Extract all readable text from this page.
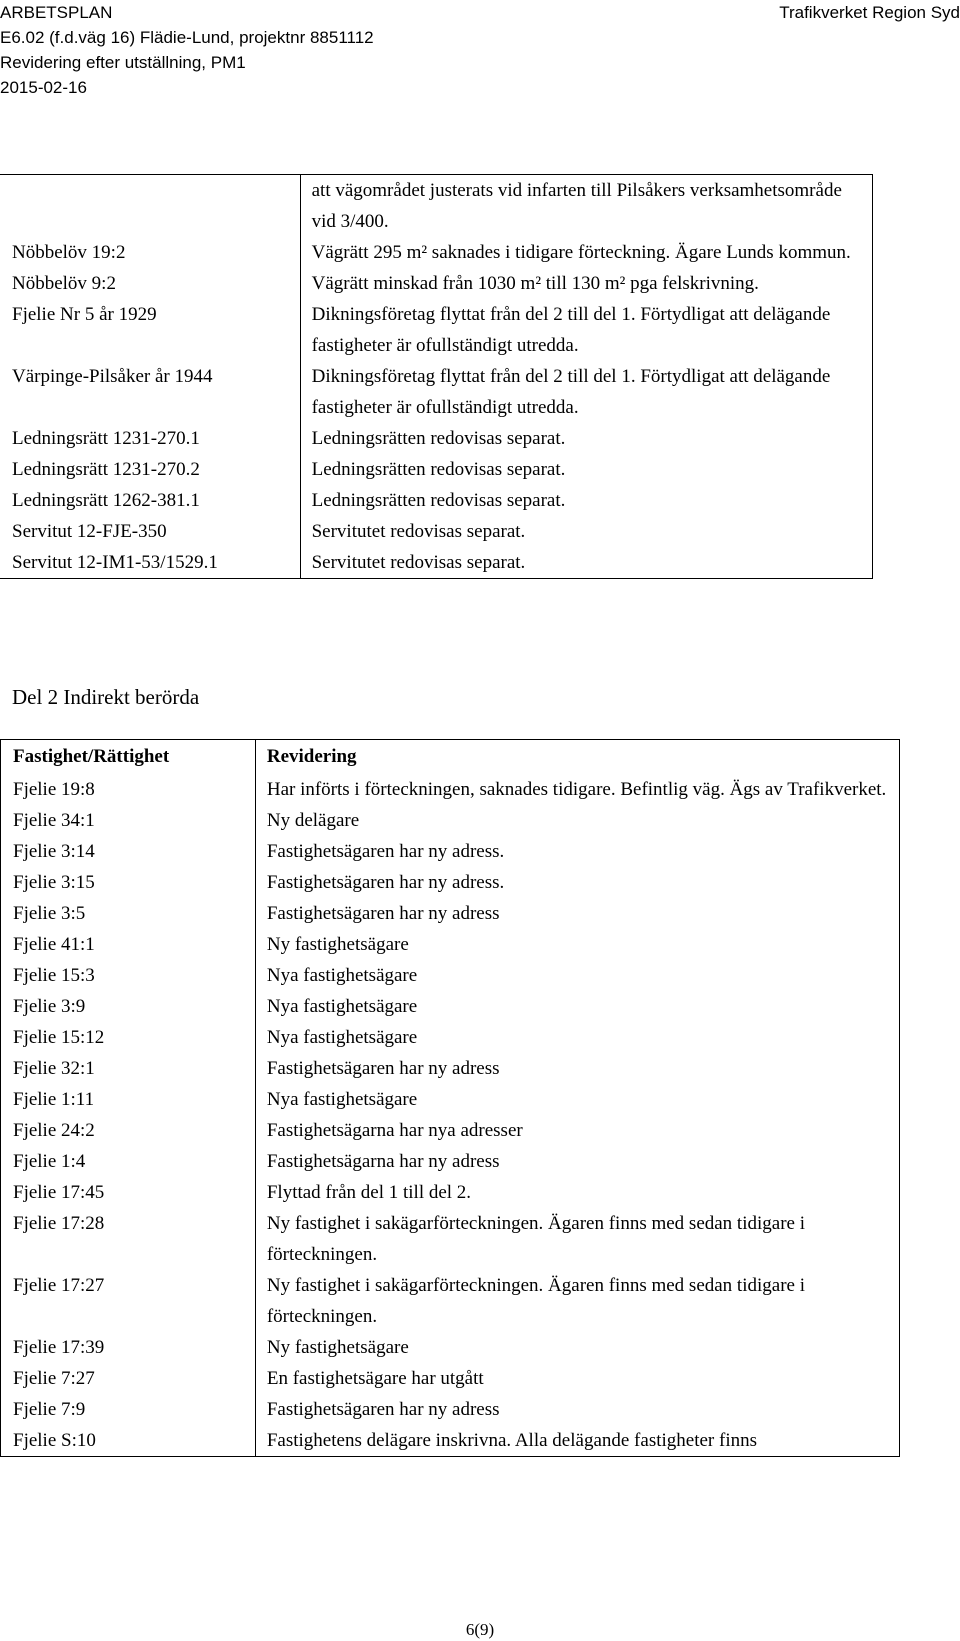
ARBETSPLAN
E6.02 (f.d.väg 16) Flädie-Lund, projektnr 8851112
Revidering efter utställning, PM1
2015-02-16
Trafikverket Region Syd
	att vägområdet justerats vid infarten till Pilsåkers verksamhetsområde vid 3/400.
Nöbbelöv 19:2	Vägrätt 295 m² saknades i tidigare förteckning. Ägare Lunds kommun.
Nöbbelöv 9:2	Vägrätt minskad från 1030 m² till 130 m² pga felskrivning.
Fjelie Nr 5 år 1929	Dikningsföretag flyttat från del 2 till del 1. Förtydligat att delägande fastigheter är ofullständigt utredda.
Värpinge-Pilsåker år 1944	Dikningsföretag flyttat från del 2 till del 1. Förtydligat att delägande fastigheter är ofullständigt utredda.
Ledningsrätt 1231-270.1	Ledningsrätten redovisas separat.
Ledningsrätt 1231-270.2	Ledningsrätten redovisas separat.
Ledningsrätt 1262-381.1	Ledningsrätten redovisas separat.
Servitut 12-FJE-350	Servitutet redovisas separat.
Servitut 12-IM1-53/1529.1	Servitutet redovisas separat.
Del 2 Indirekt berörda
Fastighet/Rättighet	Revidering
Fjelie 19:8	Har införts i förteckningen, saknades tidigare. Befintlig väg. Ägs av Trafikverket.
Fjelie 34:1	Ny delägare
Fjelie 3:14	Fastighetsägaren har ny adress.
Fjelie 3:15	Fastighetsägaren har ny adress.
Fjelie 3:5	Fastighetsägaren har ny adress
Fjelie 41:1	Ny fastighetsägare
Fjelie 15:3	Nya fastighetsägare
Fjelie 3:9	Nya fastighetsägare
Fjelie 15:12	Nya fastighetsägare
Fjelie 32:1	Fastighetsägaren har ny adress
Fjelie 1:11	Nya fastighetsägare
Fjelie 24:2	Fastighetsägarna har nya adresser
Fjelie 1:4	Fastighetsägarna har ny adress
Fjelie 17:45	Flyttad från del 1 till del 2.
Fjelie 17:28	Ny fastighet i sakägarförteckningen. Ägaren finns med sedan tidigare i förteckningen.
Fjelie 17:27	Ny fastighet i sakägarförteckningen. Ägaren finns med sedan tidigare i förteckningen.
Fjelie 17:39	Ny fastighetsägare
Fjelie 7:27	En fastighetsägare har utgått
Fjelie 7:9	Fastighetsägaren har ny adress
Fjelie S:10	Fastighetens delägare inskrivna. Alla delägande fastigheter finns
6(9)
